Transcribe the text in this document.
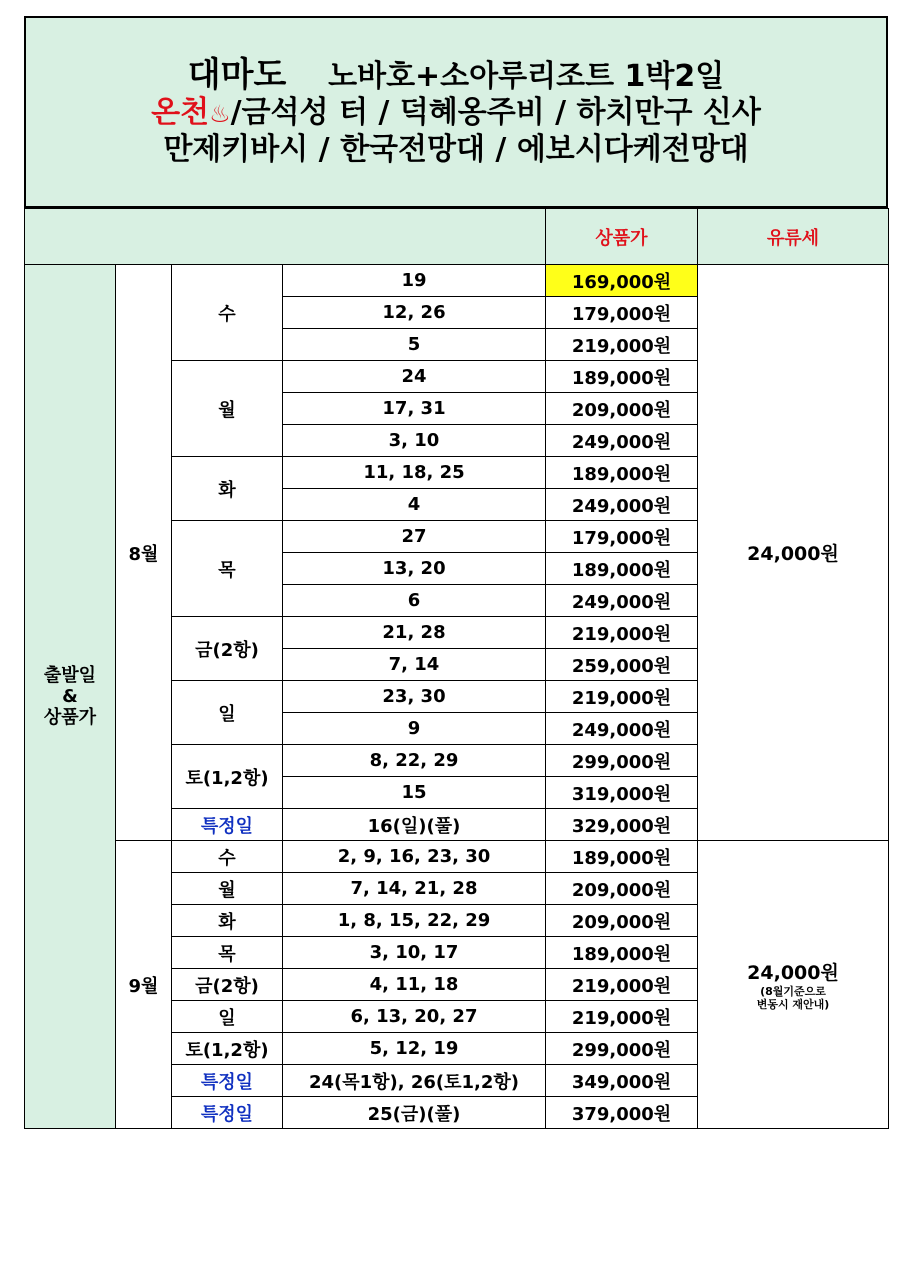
대마도 노바호+소아루리조트 1박2일
온천♨/금석성 터 / 덕혜옹주비 / 하치만구 신사
만제키바시 / 한국전망대 / 에보시다케전망대
				상품가	유류세

출발일
&
상품가	8월	수	19	169,000원	24,000원
			12, 26	179,000원	
			5	219,000원	
		월	24	189,000원	
			17, 31	209,000원	
			3, 10	249,000원	
		화	11, 18, 25	189,000원	
			4	249,000원	
		목	27	179,000원	
			13, 20	189,000원	
			6	249,000원	
		금(2항)	21, 28	219,000원	
			7, 14	259,000원	
		일	23, 30	219,000원	
			9	249,000원	
		토(1,2항)	8, 22, 29	299,000원	
			15	319,000원	
		특정일	16(일)(풀)	329,000원	
	9월	수	2, 9, 16, 23, 30	189,000원	24,000원
(8월기준으로
변동시 재안내)

		월	7, 14, 21, 28	209,000원	
		화	1, 8, 15, 22, 29	209,000원	
		목	3, 10, 17	189,000원	
		금(2항)	4, 11, 18	219,000원	
		일	6, 13, 20, 27	219,000원	
		토(1,2항)	5, 12, 19	299,000원	
		특정일	24(목1항), 26(토1,2항)	349,000원	
		특정일	25(금)(풀)	379,000원	
